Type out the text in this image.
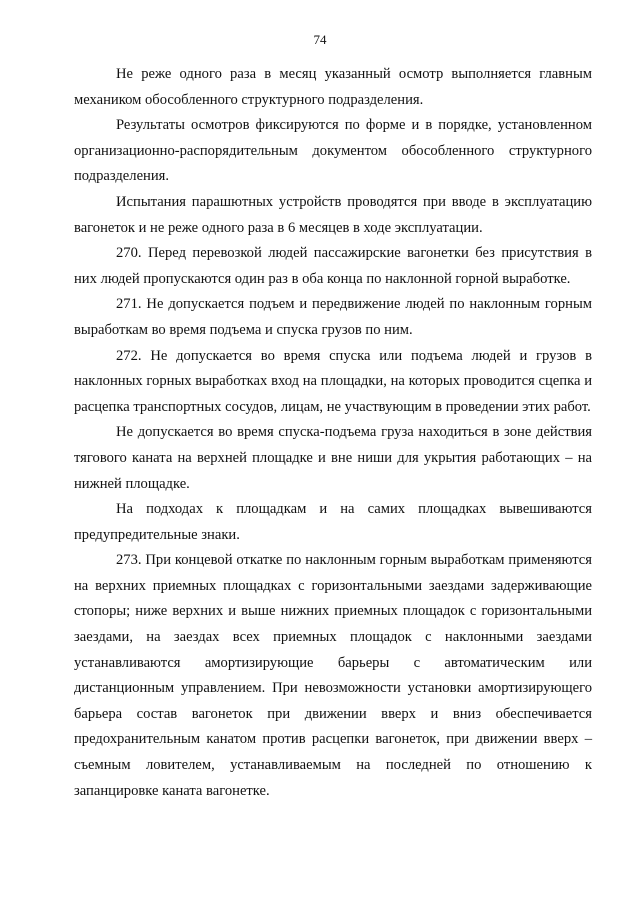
74

Не реже одного раза в месяц указанный осмотр выполняется главным механиком обособленного структурного подразделения.

Результаты осмотров фиксируются по форме и в порядке, установленном организационно-распорядительным документом обособленного структурного подразделения.

Испытания парашютных устройств проводятся при вводе в эксплуатацию вагонеток и не реже одного раза в 6 месяцев в ходе эксплуатации.

270. Перед перевозкой людей пассажирские вагонетки без присутствия в них людей пропускаются один раз в оба конца по наклонной горной выработке.

271. Не допускается подъем и передвижение людей по наклонным горным выработкам во время подъема и спуска грузов по ним.

272. Не допускается во время спуска или подъема людей и грузов в наклонных горных выработках вход на площадки, на которых проводится сцепка и расцепка транспортных сосудов, лицам, не участвующим в проведении этих работ.

Не допускается во время спуска-подъема груза находиться в зоне действия тягового каната на верхней площадке и вне ниши для укрытия работающих – на нижней площадке.

На подходах к площадкам и на самих площадках вывешиваются предупредительные знаки.

273. При концевой откатке по наклонным горным выработкам применяются на верхних приемных площадках с горизонтальными заездами задерживающие стопоры; ниже верхних и выше нижних приемных площадок с горизонтальными заездами, на заездах всех приемных площадок с наклонными заездами устанавливаются амортизирующие барьеры с автоматическим или дистанционным управлением. При невозможности установки амортизирующего барьера состав вагонеток при движении вверх и вниз обеспечивается предохранительным канатом против расцепки вагонеток, при движении вверх – съемным ловителем, устанавливаемым на последней по отношению к запанцировке каната вагонетке.
